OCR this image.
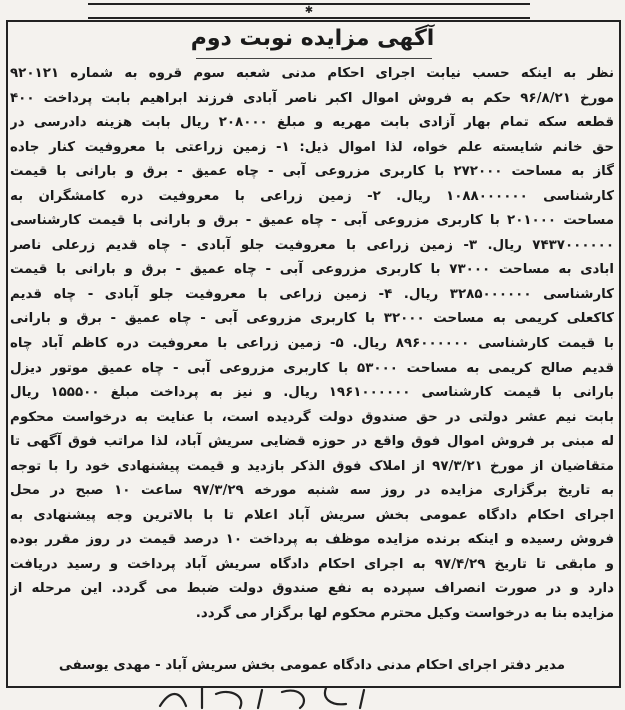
✱
آگهی مزایده نوبت دوم
نظر به اینکه حسب نیابت اجرای احکام مدنی شعبه سوم قروه به شماره ۹۲۰۱۲۱
مورخ ۹۶/۸/۲۱ حکم به فروش اموال اکبر ناصر آبادی فرزند ابراهیم بابت پرداخت ۴۰۰
قطعه سکه تمام بهار آزادی بابت مهریه و مبلغ ۲۰۸۰۰۰ ریال بابت هزینه دادرسی در
حق خانم شایسته علم خواه، لذا اموال ذیل: ۱- زمین زراعتی با معروفیت کنار جاده
گاز به مساحت ۲۷۲۰۰۰ با کاربری مزروعی آبی - چاه عمیق - برق و بارانی با قیمت
کارشناسی ۱۰۸۸۰۰۰۰۰۰ ریال. ۲- زمین زراعی با معروفیت دره کامشگران به
مساحت ۲۰۱۰۰۰ با کاربری مزروعی آبی - چاه عمیق - برق و بارانی با قیمت کارشناسی
۷۴۳۷۰۰۰۰۰۰ ریال. ۳- زمین زراعی با معروفیت جلو آبادی - چاه قدیم زرعلی ناصر
ابادی به مساحت ۷۳۰۰۰ با کاربری مزروعی آبی - چاه عمیق - برق و بارانی با قیمت
کارشناسی ۳۲۸۵۰۰۰۰۰۰ ریال. ۴- زمین زراعی با معروفیت جلو آبادی - چاه قدیم
کاکعلی کریمی به مساحت ۳۲۰۰۰ با کاربری مزروعی آبی - چاه عمیق - برق و بارانی
با قیمت کارشناسی ۸۹۶۰۰۰۰۰۰ ریال. ۵- زمین زراعی با معروفیت دره کاظم آباد چاه
قدیم صالح کریمی به مساحت ۵۳۰۰۰ با کاربری مزروعی آبی - چاه عمیق موتور دیزل
بارانی با قیمت کارشناسی ۱۹۶۱۰۰۰۰۰۰ ریال. و نیز به پرداخت مبلغ ۱۵۵۵۰۰ ریال
بابت نیم عشر دولتی در حق صندوق دولت گردیده است، با عنایت به درخواست محکوم
له مبنی بر فروش اموال فوق واقع در حوزه قضایی سریش آباد، لذا مراتب فوق آگهی تا
متقاضیان از مورخ ۹۷/۳/۲۱ از املاک فوق الذکر بازدید و قیمت پیشنهادی خود را با توجه
به تاریخ برگزاری مزایده در روز سه شنبه مورخه ۹۷/۳/۲۹ ساعت ۱۰ صبح در محل
اجرای احکام دادگاه عمومی بخش سریش آباد اعلام تا با بالاترین وجه پیشنهادی به
فروش رسیده و اینکه برنده مزایده موظف به پرداخت ۱۰ درصد قیمت در روز مقرر بوده
و مابقی تا تاریخ ۹۷/۴/۲۹ به اجرای احکام دادگاه سریش آباد پرداخت و رسید دریافت
دارد و در صورت انصراف سپرده به نفع صندوق دولت ضبط می گردد. این مرحله از
مزایده بنا به درخواست وکیل محترم محکوم لها برگزار می گردد.
مدیر دفتر اجرای احکام مدنی دادگاه عمومی بخش سریش آباد - مهدی یوسفی
